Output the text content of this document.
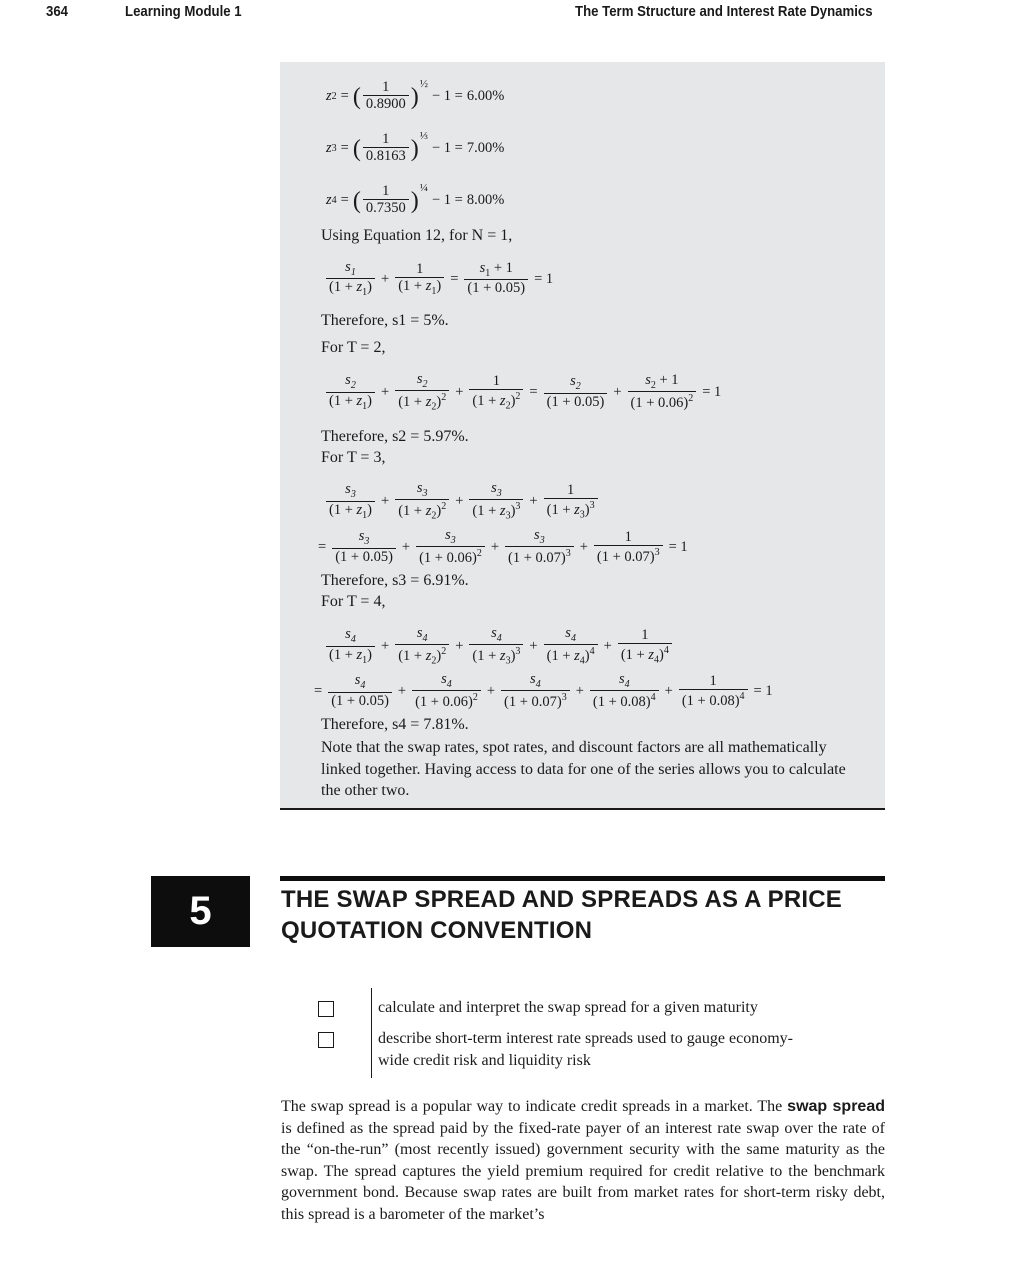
364	Learning Module 1	The Term Structure and Interest Rate Dynamics
z 2 = ( $\frac{1}{0.8900}$ ) ½
− 1 = 6.00%
z 3 = ( $\frac{1}{0.8163}$ ) ⅓
− 1 = 7.00%
z 4 = ( $\frac{1}{0.7350}$ ) ¼
− 1 = 8.00%
Using Equation 12, for N = 1,
$\frac{s_1}{(1 + z_1)} + \frac{1}{(1 + z_1)} = \frac{s_1 + 1}{(1 + 0.05)} = 1$
Therefore, s1 = 5%.
For T = 2,
$\frac{s_2}{(1 + z_1)} + \frac{s_2}{(1 + z_2)^2} + \frac{1}{(1 + z_2)^2} = \frac{s_2}{(1 + 0.05)} + \frac{s_2 + 1}{(1 + 0.06)^2} = 1$
Therefore, s2 = 5.97%.
For T = 3,
$\frac{s_3}{(1 + z_1)} + \frac{s_3}{(1 + z_2)^2} + \frac{s_3}{(1 + z_3)^3} + \frac{1}{(1 + z_3)^3}$
= $\frac{s_3}{(1 + 0.05)} + \frac{s_3}{(1 + 0.06)^2} + \frac{s_3}{(1 + 0.07)^3} + \frac{1}{(1 + 0.07)^3} = 1$
Therefore, s3 = 6.91%.
For T = 4,
$\frac{s_4}{(1 + z_1)} + \frac{s_4}{(1 + z_2)^2} + \frac{s_4}{(1 + z_3)^3} + \frac{s_4}{(1 + z_4)^4} + \frac{1}{(1 + z_4)^4}$
= $\frac{s_4}{(1 + 0.05)} + \frac{s_4}{(1 + 0.06)^2} + \frac{s_4}{(1 + 0.07)^3} + \frac{s_4}{(1 + 0.08)^4} + \frac{1}{(1 + 0.08)^4} = 1$
Therefore, s4 = 7.81%.
Note that the swap rates, spot rates, and discount factors are all mathematically linked together. Having access to data for one of the series allows you to calculate the other two.
5	THE SWAP SPREAD AND SPREADS AS A PRICE QUOTATION CONVENTION
calculate and interpret the swap spread for a given maturity
describe short-term interest rate spreads used to gauge economy-wide credit risk and liquidity risk
The swap spread is a popular way to indicate credit spreads in a market. The swap spread is defined as the spread paid by the fixed-rate payer of an interest rate swap over the rate of the “on-the-run” (most recently issued) government security with the same maturity as the swap. The spread captures the yield premium required for credit relative to the benchmark government bond. Because swap rates are built from market rates for short-term risky debt, this spread is a barometer of the market’s
